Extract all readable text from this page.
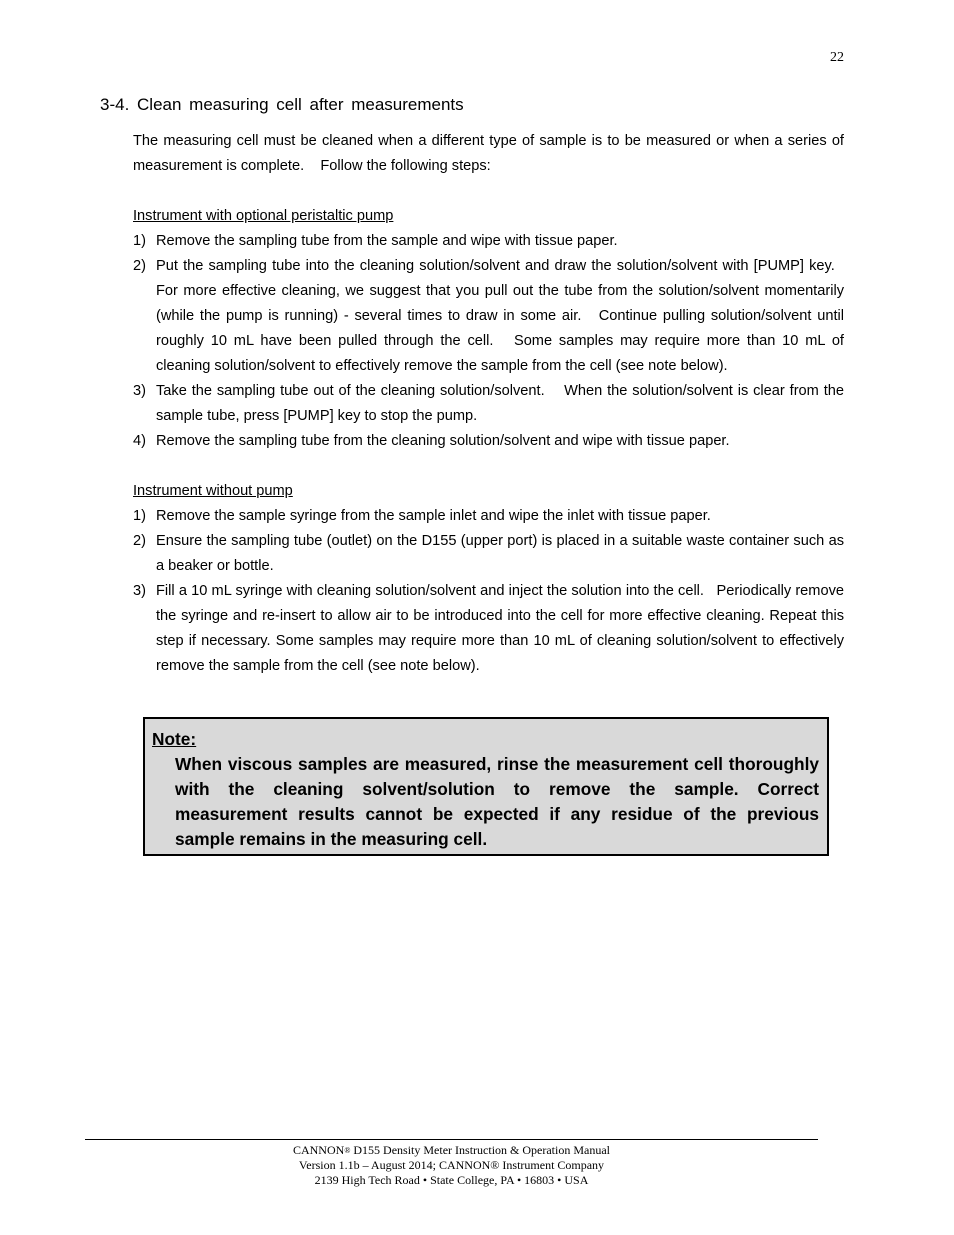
22
3-4. Clean measuring cell after measurements

The measuring cell must be cleaned when a different type of sample is to be measured or when a series of measurement is complete.    Follow the following steps:

Instrument with optional peristaltic pump

1) Remove the sampling tube from the sample and wipe with tissue paper.
2) Put the sampling tube into the cleaning solution/solvent and draw the solution/solvent with [PUMP] key.   For more effective cleaning, we suggest that you pull out the tube from the solution/solvent momentarily (while the pump is running) - several times to draw in some air.   Continue pulling solution/solvent until roughly 10 mL have been pulled through the cell.   Some samples may require more than 10 mL of cleaning solution/solvent to effectively remove the sample from the cell (see note below).
3) Take the sampling tube out of the cleaning solution/solvent.    When the solution/solvent is clear from the sample tube, press [PUMP] key to stop the pump.
4) Remove the sampling tube from the cleaning solution/solvent and wipe with tissue paper.

Instrument without pump

1) Remove the sample syringe from the sample inlet and wipe the inlet with tissue paper.
2) Ensure the sampling tube (outlet) on the D155 (upper port) is placed in a suitable waste container such as a beaker or bottle.
3) Fill a 10 mL syringe with cleaning solution/solvent and inject the solution into the cell.   Periodically remove the syringe and re-insert to allow air to be introduced into the cell for more effective cleaning. Repeat this step if necessary. Some samples may require more than 10 mL of cleaning solution/solvent to effectively remove the sample from the cell (see note below).
Note:
When viscous samples are measured, rinse the measurement cell thoroughly with the cleaning solvent/solution to remove the sample. Correct measurement results cannot be expected if any residue of the previous sample remains in the measuring cell.
CANNON® D155 Density Meter Instruction & Operation Manual
Version 1.1b – August 2014; CANNON® Instrument Company
2139 High Tech Road • State College, PA • 16803 • USA
